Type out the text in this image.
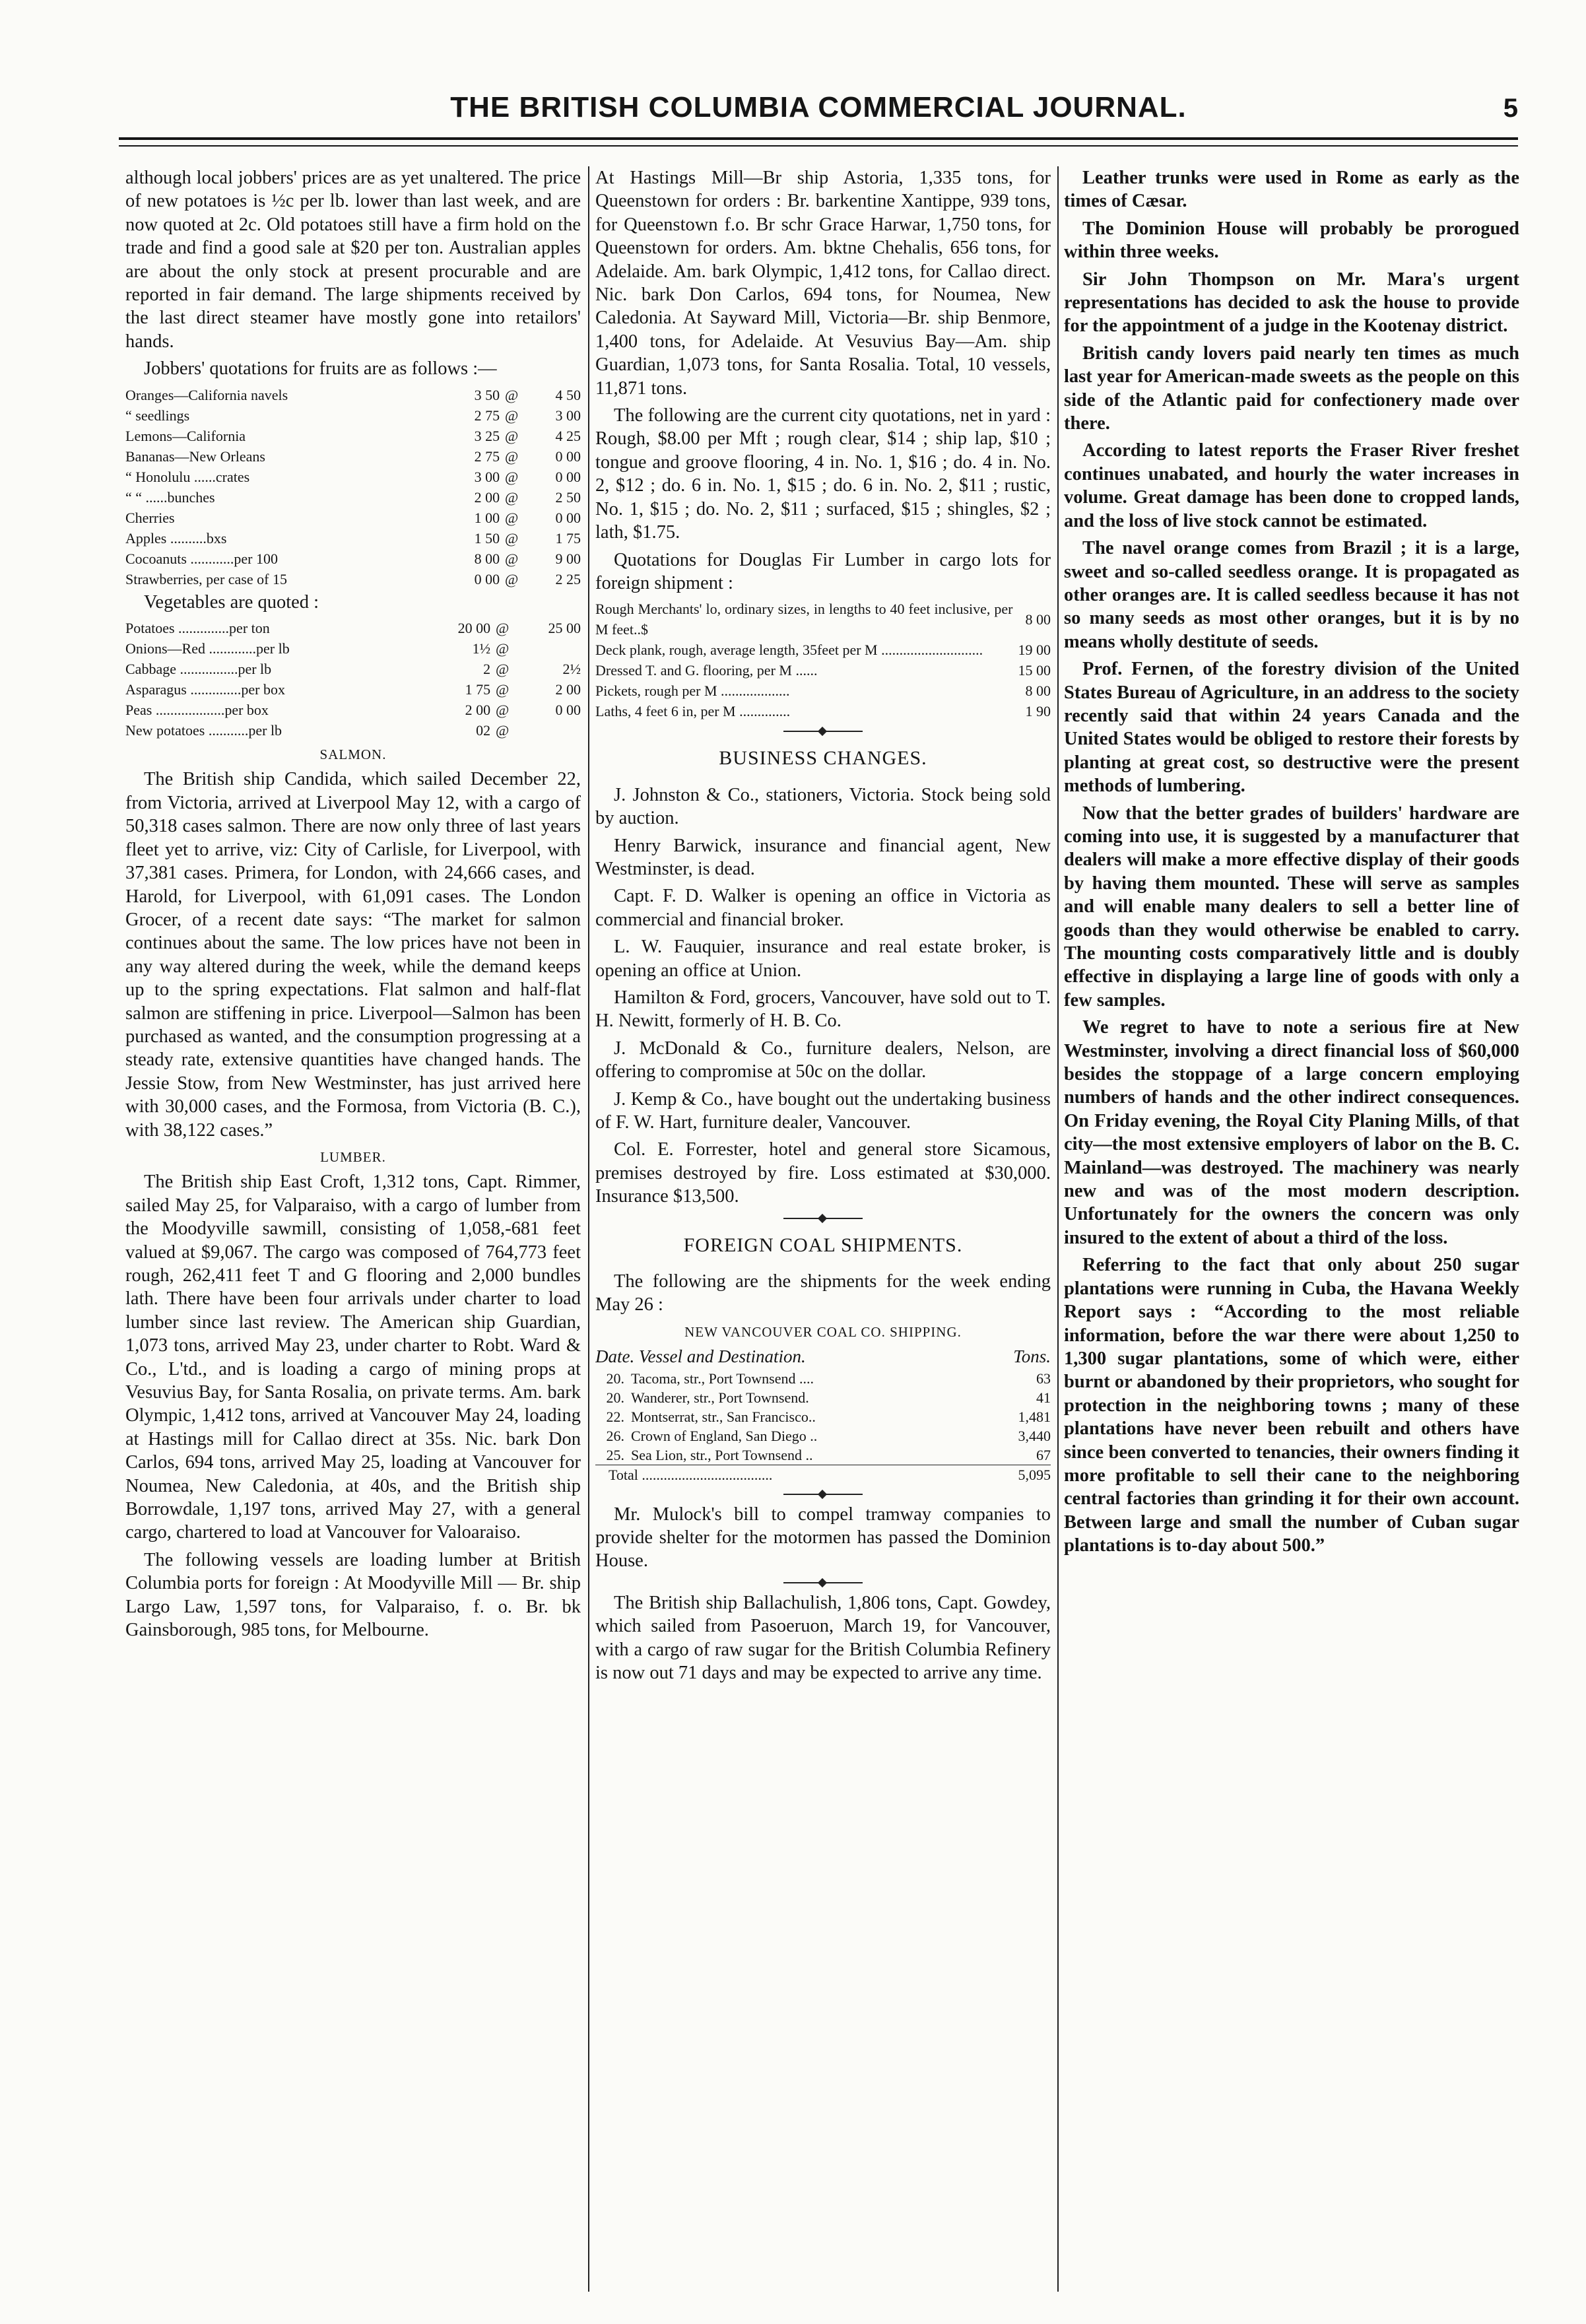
THE BRITISH COLUMBIA COMMERCIAL JOURNAL.	5

although local jobbers' prices are as yet unaltered. The price of new potatoes is ½c per lb. lower than last week, and are now quoted at 2c. Old potatoes still have a firm hold on the trade and find a good sale at $20 per ton. Australian apples are about the only stock at present procurable and are reported in fair demand. The large shipments received by the last direct steamer have mostly gone into retailors' hands.

Jobbers' quotations for fruits are as follows :—

Oranges—California navels	3 50	@	4 50
“ seedlings	2 75	@	3 00
Lemons—California	3 25	@	4 25
Bananas—New Orleans	2 75	@	0 00
“ Honolulu ......crates	3 00	@	0 00
“ “ ......bunches	2 00	@	2 50
Cherries	1 00	@	0 00
Apples ..........bxs	1 50	@	1 75
Cocoanuts ............per 100	8 00	@	9 00
Strawberries, per case of 15	0 00	@	2 25

Vegetables are quoted :

Potatoes ..............per ton	20 00	@	25 00
Onions—Red .............per lb	1½	@	
Cabbage ................per lb	2	@	2½
Asparagus ..............per box	1 75	@	2 00
Peas ...................per box	2 00	@	0 00
New potatoes ...........per lb	02	@	
SALMON.

The British ship Candida, which sailed December 22, from Victoria, arrived at Liverpool May 12, with a cargo of 50,318 cases salmon. There are now only three of last years fleet yet to arrive, viz: City of Carlisle, for Liverpool, with 37,381 cases. Primera, for London, with 24,666 cases, and Harold, for Liverpool, with 61,091 cases. The London Grocer, of a recent date says: “The market for salmon continues about the same. The low prices have not been in any way altered during the week, while the demand keeps up to the spring expectations. Flat salmon and half-flat salmon are stiffening in price. Liverpool—Salmon has been purchased as wanted, and the consumption progressing at a steady rate, extensive quantities have changed hands. The Jessie Stow, from New Westminster, has just arrived here with 30,000 cases, and the Formosa, from Victoria (B. C.), with 38,122 cases.”

LUMBER.

The British ship East Croft, 1,312 tons, Capt. Rimmer, sailed May 25, for Valparaiso, with a cargo of lumber from the Moodyville sawmill, consisting of 1,058,-681 feet valued at $9,067. The cargo was composed of 764,773 feet rough, 262,411 feet T and G flooring and 2,000 bundles lath. There have been four arrivals under charter to load lumber since last review. The American ship Guardian, 1,073 tons, arrived May 23, under charter to Robt. Ward & Co., L'td., and is loading a cargo of mining props at Vesuvius Bay, for Santa Rosalia, on private terms. Am. bark Olympic, 1,412 tons, arrived at Vancouver May 24, loading at Hastings mill for Callao direct at 35s. Nic. bark Don Carlos, 694 tons, arrived May 25, loading at Vancouver for Noumea, New Caledonia, at 40s, and the British ship Borrowdale, 1,197 tons, arrived May 27, with a general cargo, chartered to load at Vancouver for Valoaraiso.

The following vessels are loading lumber at British Columbia ports for foreign : At Moodyville Mill — Br. ship Largo Law, 1,597 tons, for Valparaiso, f. o. Br. bk Gainsborough, 985 tons, for Melbourne.

At Hastings Mill—Br ship Astoria, 1,335 tons, for Queenstown for orders : Br. barkentine Xantippe, 939 tons, for Queenstown f.o. Br schr Grace Harwar, 1,750 tons, for Queenstown for orders. Am. bktne Chehalis, 656 tons, for Adelaide. Am. bark Olympic, 1,412 tons, for Callao direct. Nic. bark Don Carlos, 694 tons, for Noumea, New Caledonia. At Sayward Mill, Victoria—Br. ship Benmore, 1,400 tons, for Adelaide. At Vesuvius Bay—Am. ship Guardian, 1,073 tons, for Santa Rosalia. Total, 10 vessels, 11,871 tons.

The following are the current city quotations, net in yard : Rough, $8.00 per Mft ; rough clear, $14 ; ship lap, $10 ; tongue and groove flooring, 4 in. No. 1, $16 ; do. 4 in. No. 2, $12 ; do. 6 in. No. 1, $15 ; do. 6 in. No. 2, $11 ; rustic, No. 1, $15 ; do. No. 2, $11 ; surfaced, $15 ; shingles, $2 ; lath, $1.75.

Quotations for Douglas Fir Lumber in cargo lots for foreign shipment :

Rough Merchants' lo, ordinary sizes, in lengths to 40 feet inclusive, per M feet..$	8 00
Deck plank, rough, average length, 35feet per M ............................	19 00
Dressed T. and G. flooring, per M ......	15 00
Pickets, rough per M ...................	8 00
Laths, 4 feet 6 in, per M ..............	1 90
BUSINESS CHANGES.

J. Johnston & Co., stationers, Victoria. Stock being sold by auction.

Henry Barwick, insurance and financial agent, New Westminster, is dead.

Capt. F. D. Walker is opening an office in Victoria as commercial and financial broker.

L. W. Fauquier, insurance and real estate broker, is opening an office at Union.

Hamilton & Ford, grocers, Vancouver, have sold out to T. H. Newitt, formerly of H. B. Co.

J. McDonald & Co., furniture dealers, Nelson, are offering to compromise at 50c on the dollar.

J. Kemp & Co., have bought out the undertaking business of F. W. Hart, furniture dealer, Vancouver.

Col. E. Forrester, hotel and general store Sicamous, premises destroyed by fire. Loss estimated at $30,000. Insurance $13,500.

FOREIGN COAL SHIPMENTS.

The following are the shipments for the week ending May 26 :

NEW VANCOUVER COAL CO. SHIPPING.
Date. Vessel and Destination.	Tons.
20.	Tacoma, str., Port Townsend ....	63
20.	Wanderer, str., Port Townsend.	41
22.	Montserrat, str., San Francisco..	1,481
26.	Crown of England, San Diego ..	3,440
25.	Sea Lion, str., Port Townsend ..	67
Total ....................................		5,095

Mr. Mulock's bill to compel tramway companies to provide shelter for the motormen has passed the Dominion House.

The British ship Ballachulish, 1,806 tons, Capt. Gowdey, which sailed from Pasoeruon, March 19, for Vancouver, with a cargo of raw sugar for the British Columbia Refinery is now out 71 days and may be expected to arrive any time.

Leather trunks were used in Rome as early as the times of Cæsar.

The Dominion House will probably be prorogued within three weeks.

Sir John Thompson on Mr. Mara's urgent representations has decided to ask the house to provide for the appointment of a judge in the Kootenay district.

British candy lovers paid nearly ten times as much last year for American-made sweets as the people on this side of the Atlantic paid for confectionery made over there.

According to latest reports the Fraser River freshet continues unabated, and hourly the water increases in volume. Great damage has been done to cropped lands, and the loss of live stock cannot be estimated.

The navel orange comes from Brazil ; it is a large, sweet and so-called seedless orange. It is propagated as other oranges are. It is called seedless because it has not so many seeds as most other oranges, but it is by no means wholly destitute of seeds.

Prof. Fernen, of the forestry division of the United States Bureau of Agriculture, in an address to the society recently said that within 24 years Canada and the United States would be obliged to restore their forests by planting at great cost, so destructive were the present methods of lumbering.

Now that the better grades of builders' hardware are coming into use, it is suggested by a manufacturer that dealers will make a more effective display of their goods by having them mounted. These will serve as samples and will enable many dealers to sell a better line of goods than they would otherwise be enabled to carry. The mounting costs comparatively little and is doubly effective in displaying a large line of goods with only a few samples.

We regret to have to note a serious fire at New Westminster, involving a direct financial loss of $60,000 besides the stoppage of a large concern employing numbers of hands and the other indirect consequences. On Friday evening, the Royal City Planing Mills, of that city—the most extensive employers of labor on the B. C. Mainland—was destroyed. The machinery was nearly new and was of the most modern description. Unfortunately for the owners the concern was only insured to the extent of about a third of the loss.

Referring to the fact that only about 250 sugar plantations were running in Cuba, the Havana Weekly Report says : “According to the most reliable information, before the war there were about 1,250 to 1,300 sugar plantations, some of which were, either burnt or abandoned by their proprietors, who sought for protection in the neighboring towns ; many of these plantations have never been rebuilt and others have since been converted to tenancies, their owners finding it more profitable to sell their cane to the neighboring central factories than grinding it for their own account. Between large and small the number of Cuban sugar plantations is to-day about 500.”
